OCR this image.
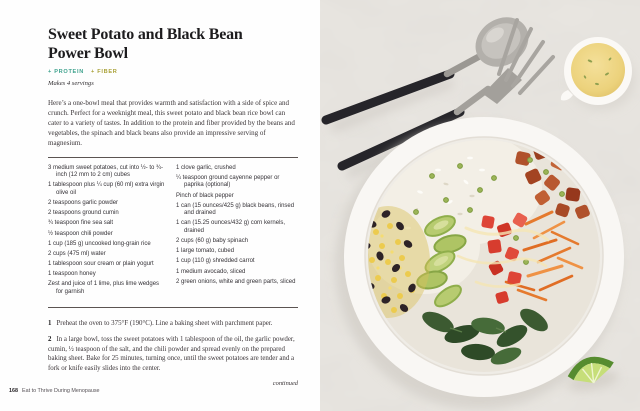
Sweet Potato and Black Bean Power Bowl
+ PROTEIN + FIBER
Makes 4 servings

Here’s a one-bowl meal that provides warmth and satisfaction with a side of spice and crunch. Perfect for a weeknight meal, this sweet potato and black bean rice bowl can cater to a variety of tastes. In addition to the protein and fiber provided by the beans and vegetables, the spinach and black beans also provide an impressive serving of magnesium.

3 medium sweet potatoes, cut into ½- to ¾-inch (12 mm to 2 cm) cubes
1 tablespoon plus ¼ cup (60 ml) extra virgin olive oil
2 teaspoons garlic powder
2 teaspoons ground cumin
¾ teaspoon fine sea salt
½ teaspoon chili powder
1 cup (185 g) uncooked long-grain rice
2 cups (475 ml) water
1 tablespoon sour cream or plain yogurt
1 teaspoon honey
Zest and juice of 1 lime, plus lime wedges for garnish
1 clove garlic, crushed
¼ teaspoon ground cayenne pepper or paprika (optional)
Pinch of black pepper
1 can (15 ounces/425 g) black beans, rinsed and drained
1 can (15.25 ounces/432 g) corn kernels, drained
2 cups (60 g) baby spinach
1 large tomato, cubed
1 cup (110 g) shredded carrot
1 medium avocado, sliced
2 green onions, white and green parts, sliced

1 Preheat the oven to 375°F (190°C). Line a baking sheet with parchment paper.

2 In a large bowl, toss the sweet potatoes with 1 tablespoon of the oil, the garlic powder, cumin, ½ teaspoon of the salt, and the chili powder and spread evenly on the prepared baking sheet. Bake for 25 minutes, turning once, until the sweet potatoes are tender and a fork or knife easily slides into the center.

continued
168 Eat to Thrive During Menopause
